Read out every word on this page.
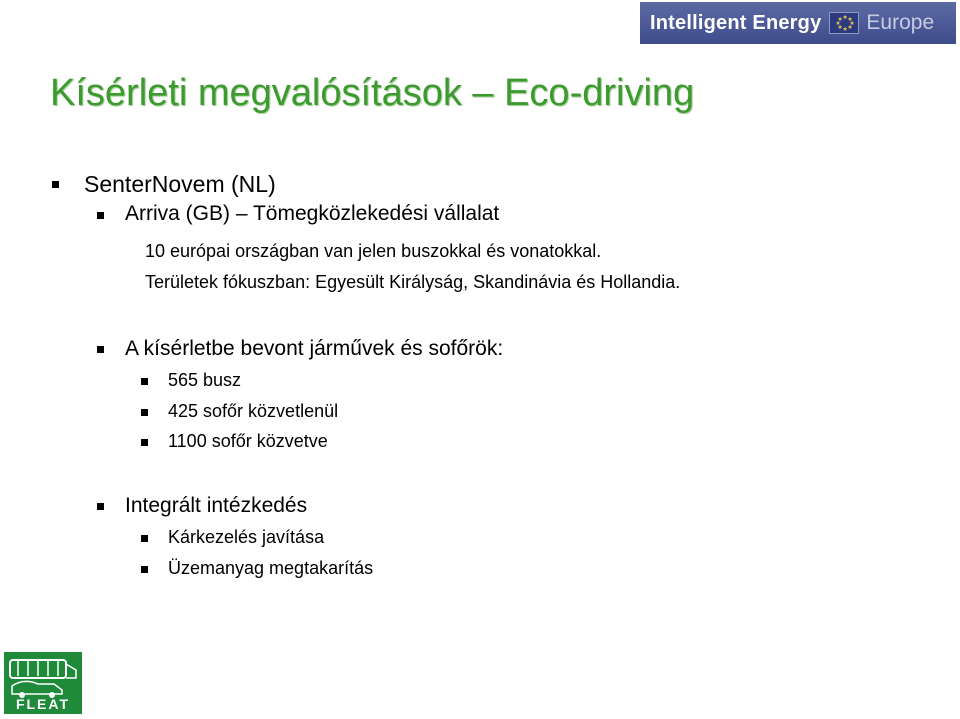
Intelligent Energy	★ ★
★
★
★
★
★
★ Europe
Kísérleti megvalósítások – Eco-driving
SenterNovem (NL)
Arriva (GB) – Tömegközlekedési vállalat
10 európai országban van jelen buszokkal és vonatokkal.
Területek fókuszban: Egyesült Királyság, Skandinávia és Hollandia.
A kísérletbe bevont járművek és sofőrök:
565 busz
425 sofőr közvetlenül
1100 sofőr közvetve
Integrált intézkedés
Kárkezelés javítása
Üzemanyag megtakarítás
FLEAT
